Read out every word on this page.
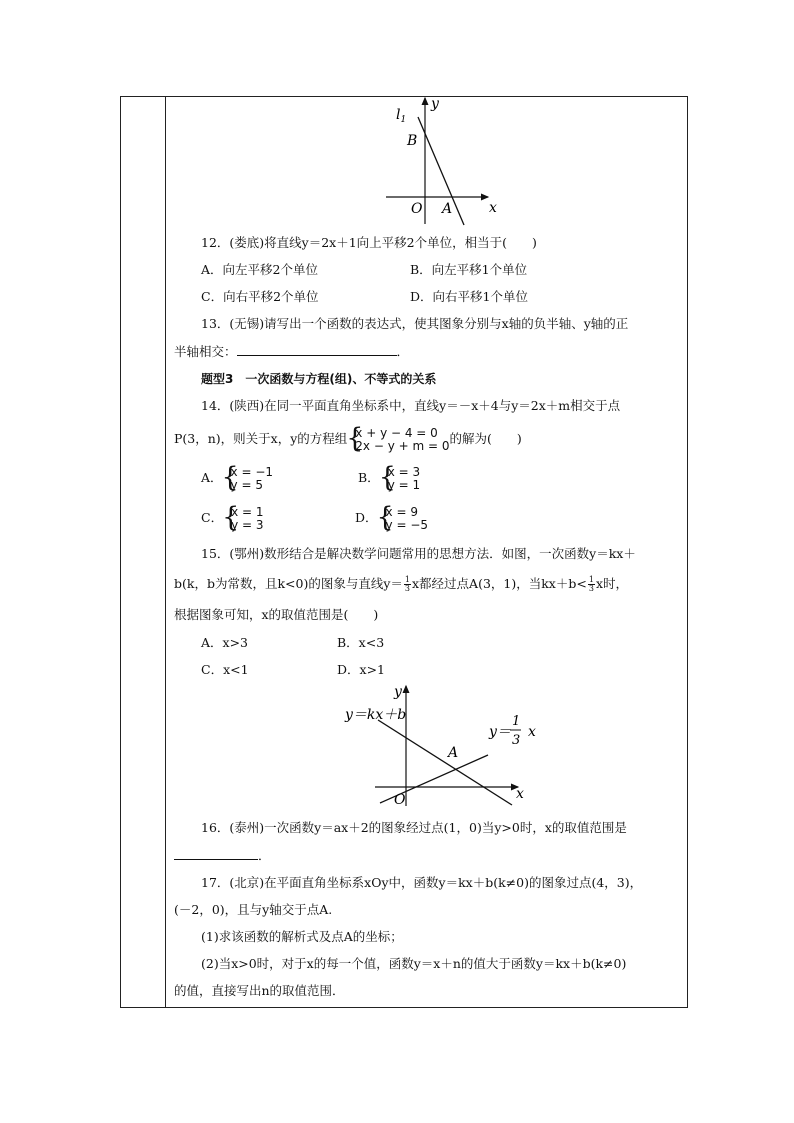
$l_1$
y
x
B
O A
12．(娄底)将直线y＝2x＋1向上平移2个单位，相当于(　　)
A．向左平移2个单位	B．向左平移1个单位
C．向右平移2个单位	D．向右平移1个单位
13．(无锡)请写出一个函数的表达式，使其图象分别与x轴的负半轴、y轴的正
半轴相交：	．
题型3　一次函数与方程(组)、不等式的关系
14．(陕西)在同一平面直角坐标系中，直线y＝－x＋4与y＝2x＋m相交于点
P(3，n)，则关于x，y的方程组 {
x + y − 4 = 0
2x − y + m = 0 的解为(　　)
A． {
x = −1
y = 5	B． {
x = 3
y = 1
C． {
x = 1
y = 3	D． {
x = 9
y = −5
15．(鄂州)数形结合是解决数学问题常用的思想方法．如图，一次函数y＝kx＋
b(k，b为常数，且k<0)的图象与直线$y= \frac{1}{3}$ x都经过点A(3，1)，当$kx+b< \frac{1}{3}$ x时，
根据图象可知，x的取值范围是(　　)
A．x>3	B．x<3
C．x<1	D．x>1
y
y＝kx＋b
y＝
1
3
x
A
O	x
16．(泰州)一次函数y＝ax＋2的图象经过点(1，0)当y>0时，x的取值范围是
．
17．(北京)在平面直角坐标系xOy中，函数y＝kx＋b(k≠0)的图象过点(4，3)，
(－2，0)，且与y轴交于点A.
(1)求该函数的解析式及点A的坐标；
(2)当x>0时，对于x的每一个值，函数y＝x＋n的值大于函数y＝kx＋b(k≠0)
的值，直接写出n的取值范围．
